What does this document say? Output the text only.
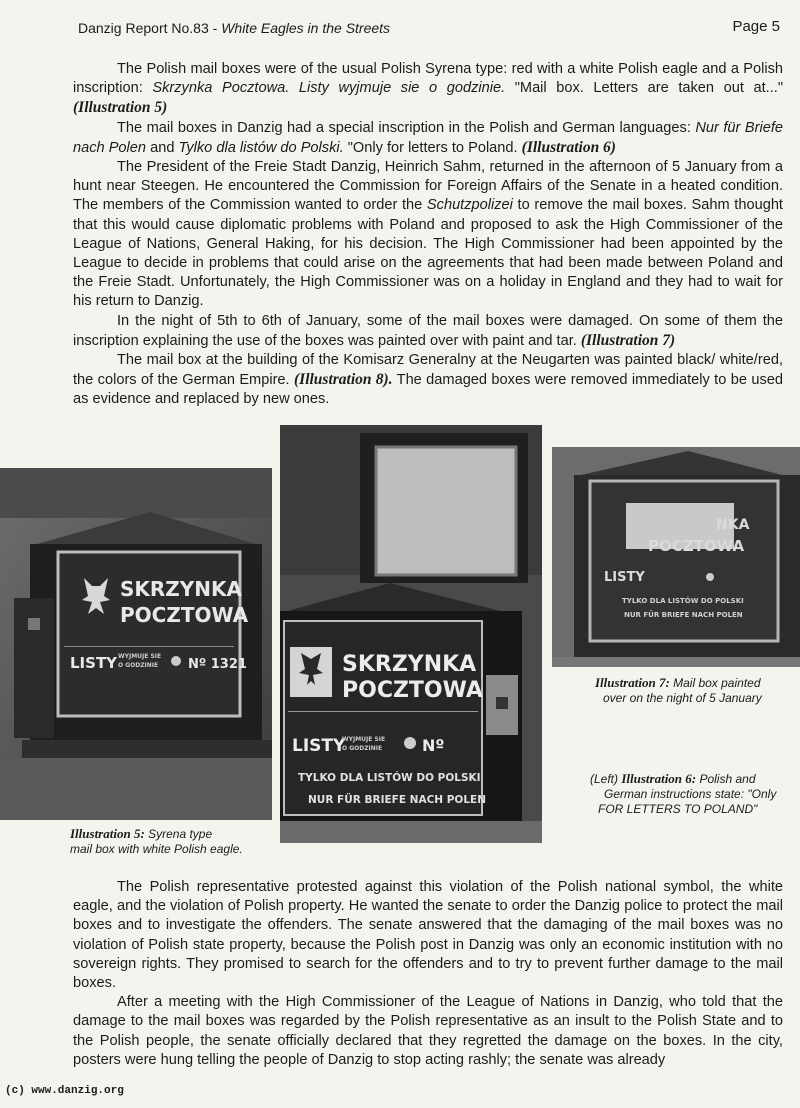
Danzig Report No.83 - White Eagles in the Streets	Page 5

The Polish mail boxes were of the usual Polish Syrena type: red with a white Polish eagle and a Polish inscription: Skrzynka Pocztowa. Listy wyjmuje sie o godzinie. "Mail box. Letters are taken out at..." (Illustration 5)

The mail boxes in Danzig had a special inscription in the Polish and German languages: Nur für Briefe nach Polen and Tylko dla listów do Polski. "Only for letters to Poland. (Illustration 6)

The President of the Freie Stadt Danzig, Heinrich Sahm, returned in the afternoon of 5 January from a hunt near Steegen. He encountered the Commission for Foreign Affairs of the Senate in a heated condition. The members of the Commission wanted to order the Schutzpolizei to remove the mail boxes. Sahm thought that this would cause diplomatic problems with Poland and proposed to ask the High Commissioner of the League of Nations, General Haking, for his decision. The High Commissioner had been appointed by the League to decide in problems that could arise on the agreements that had been made between Poland and the Freie Stadt. Unfortunately, the High Commissioner was on a holiday in England and they had to wait for his return to Danzig.

In the night of 5th to 6th of January, some of the mail boxes were damaged. On some of them the inscription explaining the use of the boxes was painted over with paint and tar. (Illustration 7)

The mail box at the building of the Komisarz Generalny at the Neugarten was painted black/ white/red, the colors of the German Empire. (Illustration 8). The damaged boxes were removed immediately to be used as evidence and replaced by new ones.

SKRZYNKA
POCZTOWA
LISTY WYJMUJE SIE
O GODZINIE Nº 1321	SKRZYNKA
POCZTOWA
LISTY
WYJMUJE SIE
O GODZINIE Nº
TYLKO DLA LISTÓW DO POLSKI
NUR FÜR BRIEFE NACH POLEN
NKA
POCZTOWA
LISTY
TYLKO DLA LISTÓW DO POLSKI
NUR FÜR BRIEFE NACH POLEN
Illustration 5: Syrena type
mail box with white Polish eagle.
Illustration 7: Mail box painted
over on the night of 5 January
(Left) Illustration 6: Polish and
German instructions state: "Only
FOR LETTERS TO POLAND"

The Polish representative protested against this violation of the Polish national symbol, the white eagle, and the violation of Polish property. He wanted the senate to order the Danzig police to protect the mail boxes and to investigate the offenders. The senate answered that the damaging of the mail boxes was no violation of Polish state property, because the Polish post in Danzig was only an economic institution with no sovereign rights. They promised to search for the offenders and to try to prevent further damage to the mail boxes.

After a meeting with the High Commissioner of the League of Nations in Danzig, who told that the damage to the mail boxes was regarded by the Polish representative as an insult to the Polish State and to the Polish people, the senate officially declared that they regretted the damage on the boxes. In the city, posters were hung telling the people of Danzig to stop acting rashly; the senate was already

(c) www.danzig.org
